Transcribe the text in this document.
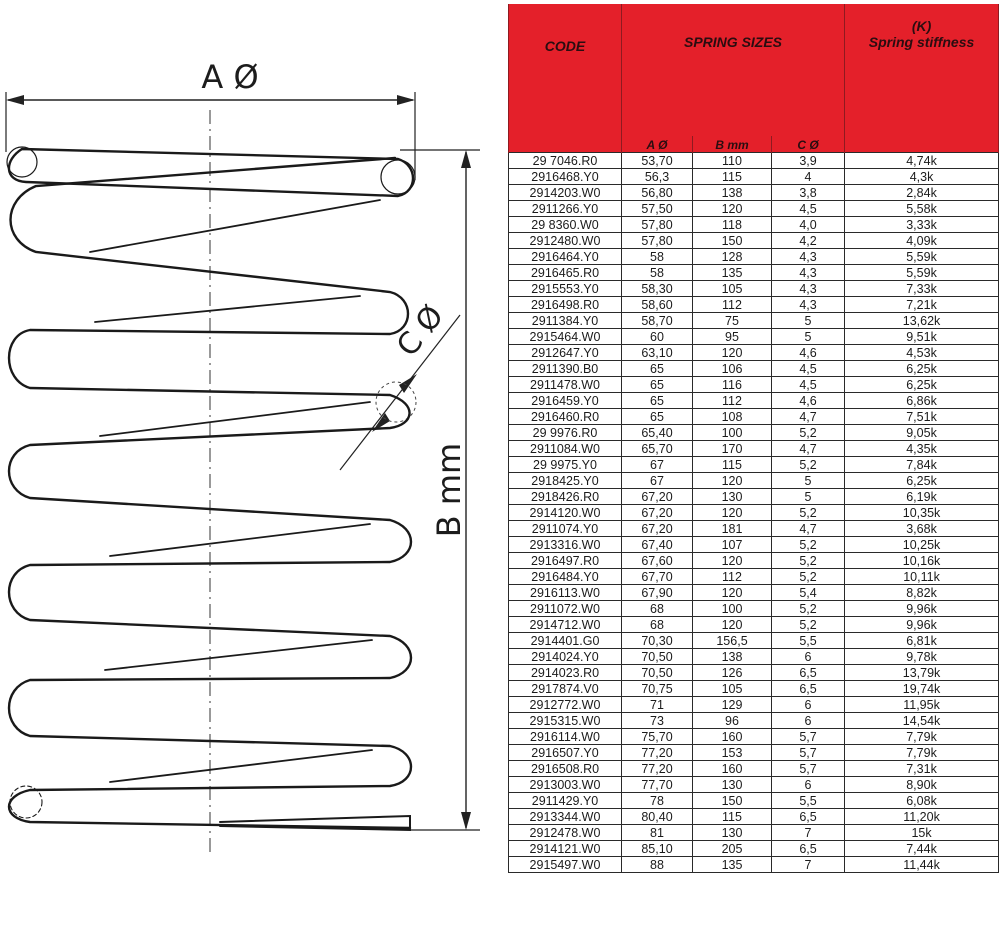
A Ø
B mm
C Ø
CODE	SPRING SIZES			(K)
Spring stiffness

	A Ø	B mm	C Ø	
29 7046.R0	53,70	110	3,9	4,74k
2916468.Y0	56,3	115	4	4,3k
2914203.W0	56,80	138	3,8	2,84k
2911266.Y0	57,50	120	4,5	5,58k
29 8360.W0	57,80	118	4,0	3,33k
2912480.W0	57,80	150	4,2	4,09k
2916464.Y0	58	128	4,3	5,59k
2916465.R0	58	135	4,3	5,59k
2915553.Y0	58,30	105	4,3	7,33k
2916498.R0	58,60	112	4,3	7,21k
2911384.Y0	58,70	75	5	13,62k
2915464.W0	60	95	5	9,51k
2912647.Y0	63,10	120	4,6	4,53k
2911390.B0	65	106	4,5	6,25k
2911478.W0	65	116	4,5	6,25k
2916459.Y0	65	112	4,6	6,86k
2916460.R0	65	108	4,7	7,51k
29 9976.R0	65,40	100	5,2	9,05k
2911084.W0	65,70	170	4,7	4,35k
29 9975.Y0	67	115	5,2	7,84k
2918425.Y0	67	120	5	6,25k
2918426.R0	67,20	130	5	6,19k
2914120.W0	67,20	120	5,2	10,35k
2911074.Y0	67,20	181	4,7	3,68k
2913316.W0	67,40	107	5,2	10,25k
2916497.R0	67,60	120	5,2	10,16k
2916484.Y0	67,70	112	5,2	10,11k
2916113.W0	67,90	120	5,4	8,82k
2911072.W0	68	100	5,2	9,96k
2914712.W0	68	120	5,2	9,96k
2914401.G0	70,30	156,5	5,5	6,81k
2914024.Y0	70,50	138	6	9,78k
2914023.R0	70,50	126	6,5	13,79k
2917874.V0	70,75	105	6,5	19,74k
2912772.W0	71	129	6	11,95k
2915315.W0	73	96	6	14,54k
2916114.W0	75,70	160	5,7	7,79k
2916507.Y0	77,20	153	5,7	7,79k
2916508.R0	77,20	160	5,7	7,31k
2913003.W0	77,70	130	6	8,90k
2911429.Y0	78	150	5,5	6,08k
2913344.W0	80,40	115	6,5	11,20k
2912478.W0	81	130	7	15k
2914121.W0	85,10	205	6,5	7,44k
2915497.W0	88	135	7	11,44k
